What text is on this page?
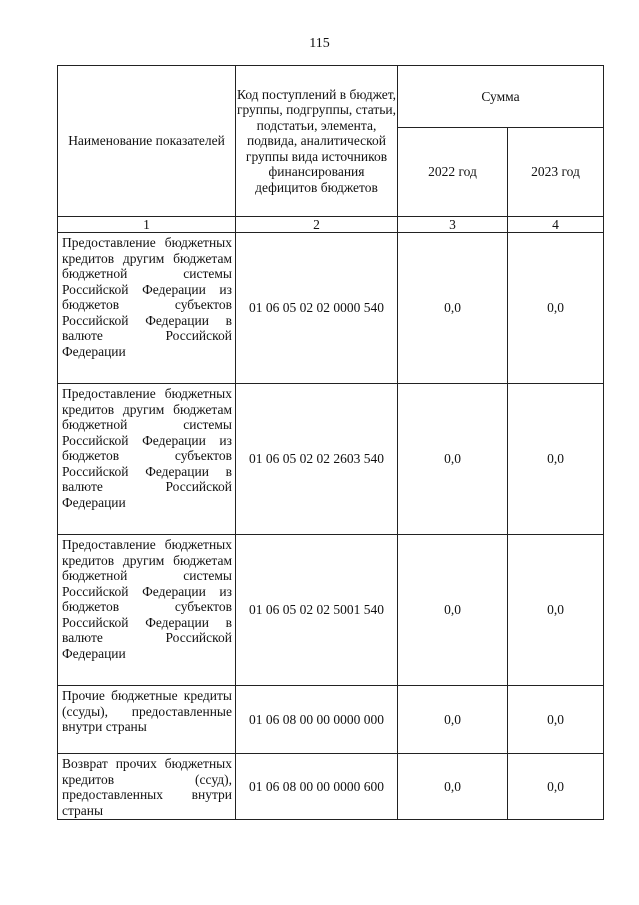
115
Наименование показателей	Код поступлений в бюджет, группы, подгруппы, статьи, подстатьи, элемента, подвида, аналитической группы вида источников финансирования дефицитов бюджетов	Сумма	
		2022 год	2023 год
1	2	3	4
Предоставление бюджетных кредитов другим бюджетам бюджетной системы Российской Федерации из бюджетов субъектов Российской Федерации в валюте Российской Федерации	01 06 05 02 02 0000 540	0,0	0,0
Предоставление бюджетных кредитов другим бюджетам бюджетной системы Российской Федерации из бюджетов субъектов Российской Федерации в валюте Российской Федерации	01 06 05 02 02 2603 540	0,0	0,0
Предоставление бюджетных кредитов другим бюджетам бюджетной системы Российской Федерации из бюджетов субъектов Российской Федерации в валюте Российской Федерации	01 06 05 02 02 5001 540	0,0	0,0
Прочие бюджетные кредиты (ссуды), предоставленные внутри страны	01 06 08 00 00 0000 000	0,0	0,0
Возврат прочих бюджетных кредитов (ссуд), предоставленных внутри страны	01 06 08 00 00 0000 600	0,0	0,0
